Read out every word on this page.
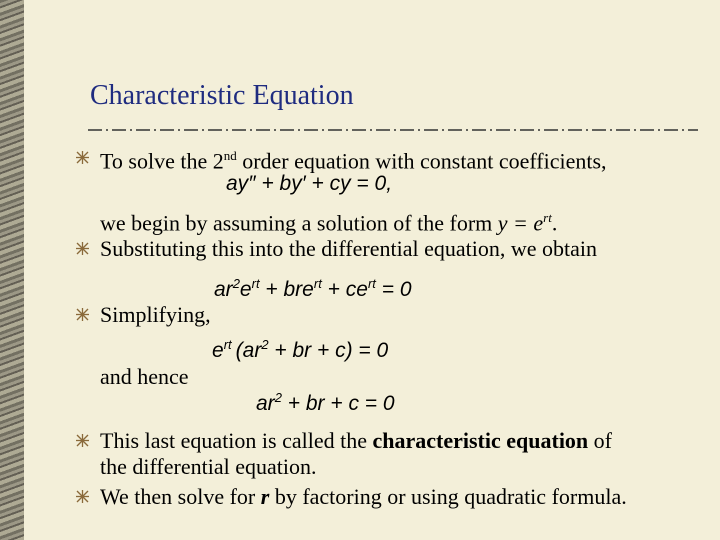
Characteristic Equation
To solve the 2nd order equation with constant coefficients,
ay″ + by′ + cy = 0,
we begin by assuming a solution of the form $y = e^{rt}$.
Substituting this into the differential equation, we obtain
$ar^2e^{rt} + bre^{rt} + ce^{rt} = 0$
Simplifying,
$e^{rt}$ ($ar^2$ + br + c) = 0
and hence
$ar^2$ + br + c = 0
This last equation is called the characteristic equation of
the differential equation.
We then solve for r by factoring or using quadratic formula.
